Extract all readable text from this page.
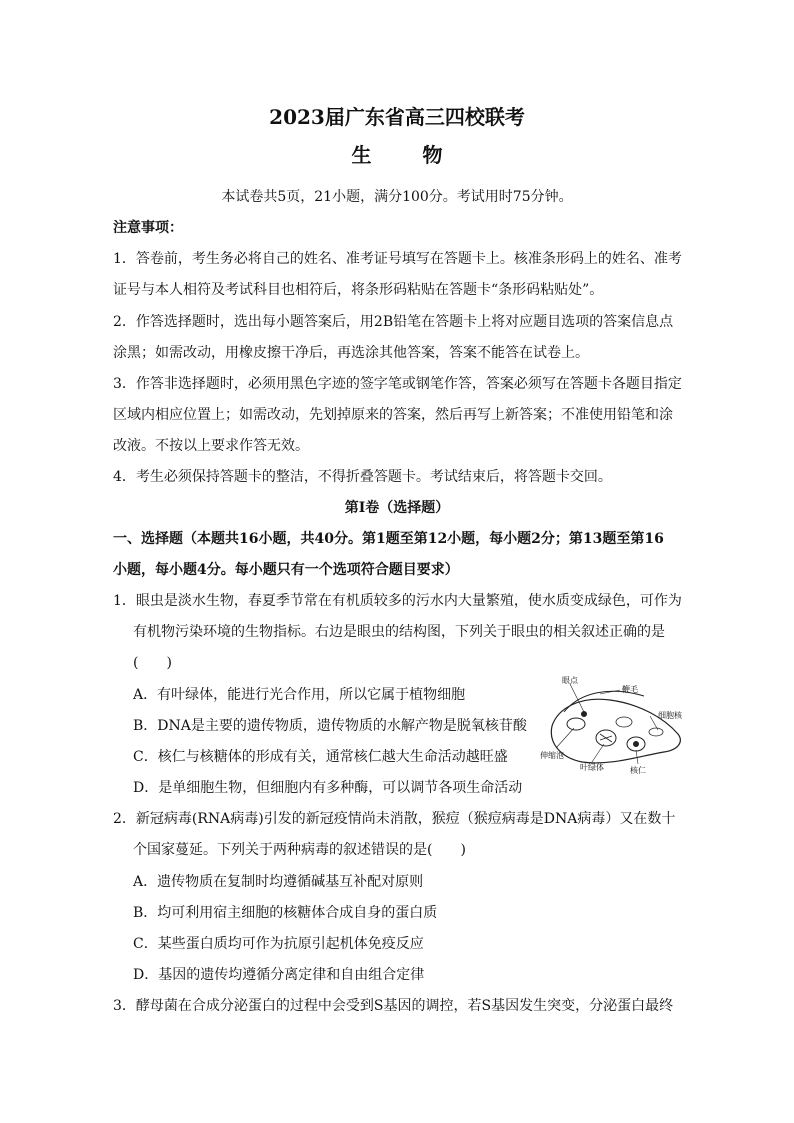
2023届广东省高三四校联考
生 物
本试卷共5页，21小题，满分100分。考试用时75分钟。
注意事项：
1．答卷前，考生务必将自己的姓名、准考证号填写在答题卡上。核准条形码上的姓名、准考
证号与本人相符及考试科目也相符后，将条形码粘贴在答题卡“条形码粘贴处”。
2．作答选择题时，选出每小题答案后，用2B铅笔在答题卡上将对应题目选项的答案信息点
涂黑；如需改动，用橡皮擦干净后，再选涂其他答案，答案不能答在试卷上。
3．作答非选择题时，必须用黑色字迹的签字笔或钢笔作答，答案必须写在答题卡各题目指定
区域内相应位置上；如需改动，先划掉原来的答案，然后再写上新答案；不准使用铅笔和涂
改液。不按以上要求作答无效。
4．考生必须保持答题卡的整洁，不得折叠答题卡。考试结束后，将答题卡交回。
第Ⅰ卷（选择题）
一、选择题（本题共16小题，共40分。第1题至第12小题，每小题2分；第13题至第16
小题，每小题4分。每小题只有一个选项符合题目要求）
1．眼虫是淡水生物，春夏季节常在有机质较多的污水内大量繁殖，使水质变成绿色，可作为
有机物污染环境的生物指标。右边是眼虫的结构图，下列关于眼虫的相关叙述正确的是
(　　)
A．有叶绿体，能进行光合作用，所以它属于植物细胞
B．DNA是主要的遗传物质，遗传物质的水解产物是脱氧核苷酸
C．核仁与核糖体的形成有关，通常核仁越大生命活动越旺盛
D．是单细胞生物，但细胞内有多种酶，可以调节各项生命活动
眼点
鞭毛
细胞核
伸缩泡
叶绿体	核仁
2．新冠病毒(RNA病毒)引发的新冠疫情尚未消散，猴痘（猴痘病毒是DNA病毒）又在数十
个国家蔓延。下列关于两种病毒的叙述错误的是(　　)
A．遗传物质在复制时均遵循碱基互补配对原则
B．均可利用宿主细胞的核糖体合成自身的蛋白质
C．某些蛋白质均可作为抗原引起机体免疫反应
D．基因的遗传均遵循分离定律和自由组合定律
3．酵母菌在合成分泌蛋白的过程中会受到S基因的调控，若S基因发生突变，分泌蛋白最终
